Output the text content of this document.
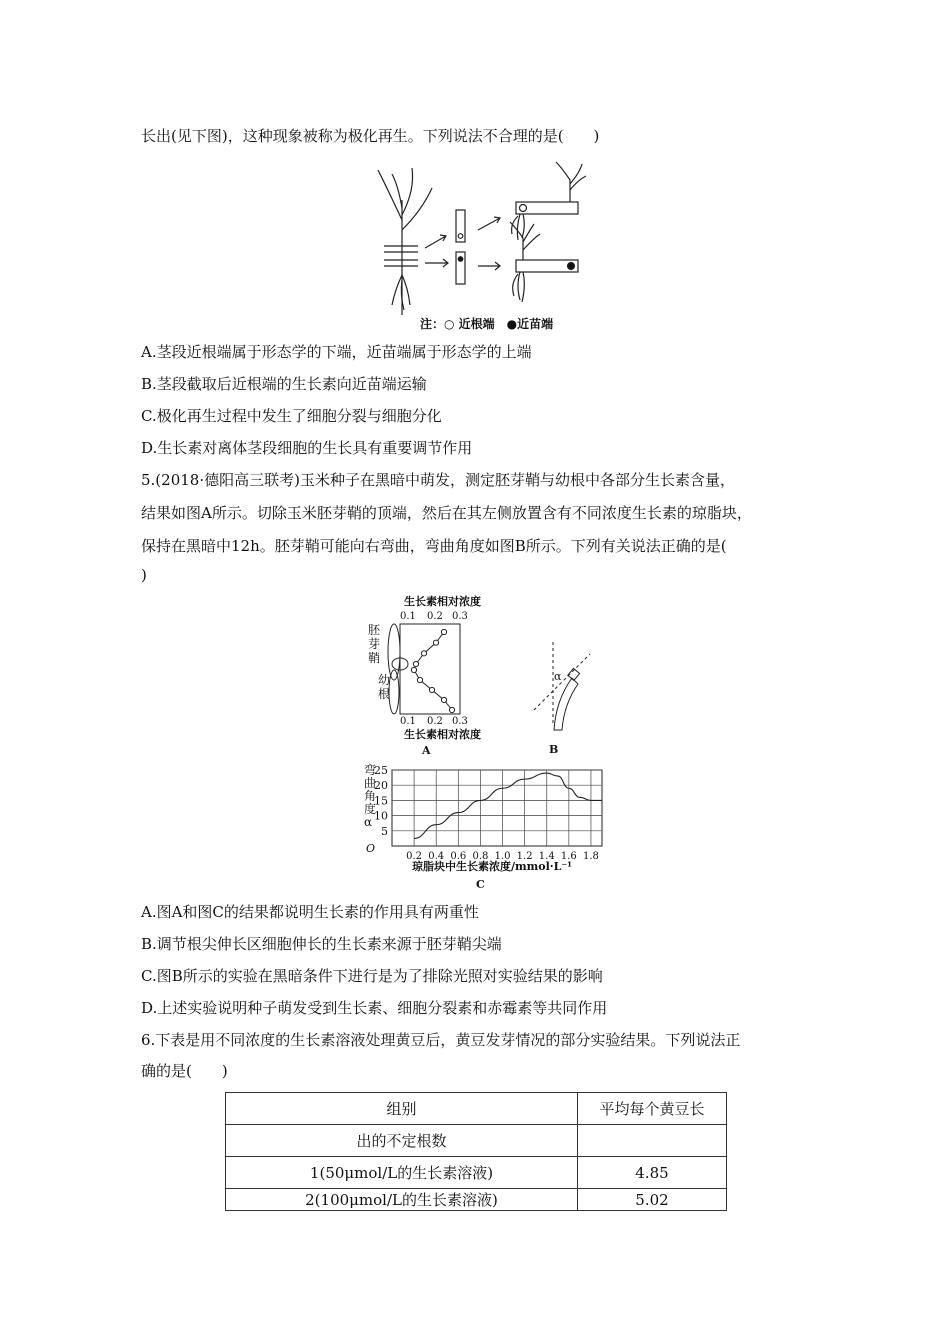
长出(见下图)，这种现象被称为极化再生。下列说法不合理的是(　　)
注：○ 近根端　●近苗端
A.茎段近根端属于形态学的下端，近苗端属于形态学的上端
B.茎段截取后近根端的生长素向近苗端运输
C.极化再生过程中发生了细胞分裂与细胞分化
D.生长素对离体茎段细胞的生长具有重要调节作用
5.(2018·德阳高三联考)玉米种子在黑暗中萌发，测定胚芽鞘与幼根中各部分生长素含量，
结果如图A所示。切除玉米胚芽鞘的顶端，然后在其左侧放置含有不同浓度生长素的琼脂块，
保持在黑暗中12h。胚芽鞘可能向右弯曲，弯曲角度如图B所示。下列有关说法正确的是(
)
生长素相对浓度
0.1 0.2 0.3
胚芽鞘
幼根
0.1 0.2 0.3
生长素相对浓度
A
α
B
弯曲角度 α
5
10
15
20
25
0.2 0.4 0.6 0.8 1.0 1.2 1.4 1.6 1.8
O
琼脂块中生长素浓度/mmol·L⁻¹
C
A.图A和图C的结果都说明生长素的作用具有两重性
B.调节根尖伸长区细胞伸长的生长素来源于胚芽鞘尖端
C.图B所示的实验在黑暗条件下进行是为了排除光照对实验结果的影响
D.上述实验说明种子萌发受到生长素、细胞分裂素和赤霉素等共同作用
6.下表是用不同浓度的生长素溶液处理黄豆后，黄豆发芽情况的部分实验结果。下列说法正
确的是(　　)
组别	平均每个黄豆长
出的不定根数	
1(50μmol/L的生长素溶液)	4.85
2(100μmol/L的生长素溶液)	5.02
